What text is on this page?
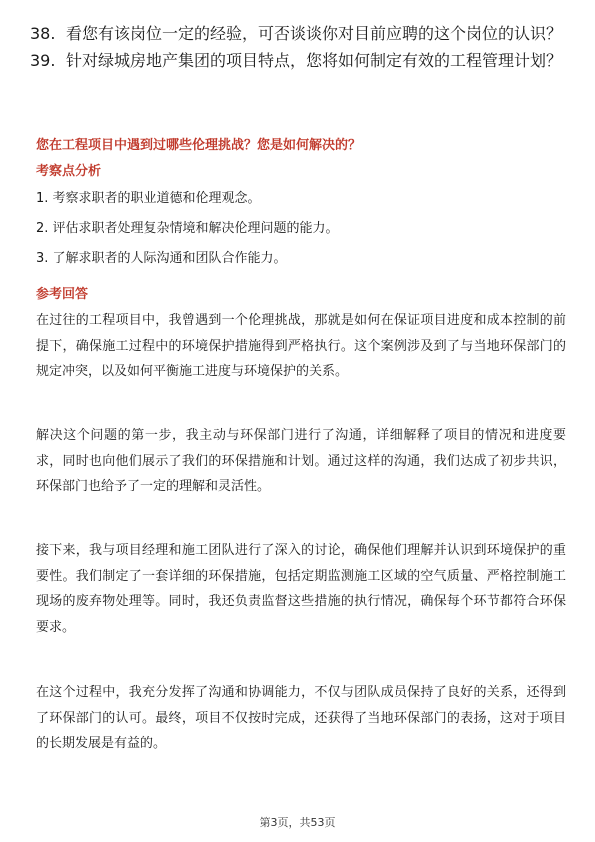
38. 看您有该岗位一定的经验，可否谈谈你对目前应聘的这个岗位的认识？
39. 针对绿城房地产集团的项目特点，您将如何制定有效的工程管理计划？
您在工程项目中遇到过哪些伦理挑战？您是如何解决的？
考察点分析
1. 考察求职者的职业道德和伦理观念。
2. 评估求职者处理复杂情境和解决伦理问题的能力。
3. 了解求职者的人际沟通和团队合作能力。
参考回答
在过往的工程项目中，我曾遇到一个伦理挑战，那就是如何在保证项目进度和成本控制的前提下，确保施工过程中的环境保护措施得到严格执行。这个案例涉及到了与当地环保部门的规定冲突，以及如何平衡施工进度与环境保护的关系。
解决这个问题的第一步，我主动与环保部门进行了沟通，详细解释了项目的情况和进度要求，同时也向他们展示了我们的环保措施和计划。通过这样的沟通，我们达成了初步共识，环保部门也给予了一定的理解和灵活性。
接下来，我与项目经理和施工团队进行了深入的讨论，确保他们理解并认识到环境保护的重要性。我们制定了一套详细的环保措施，包括定期监测施工区域的空气质量、严格控制施工现场的废弃物处理等。同时，我还负责监督这些措施的执行情况，确保每个环节都符合环保要求。
在这个过程中，我充分发挥了沟通和协调能力，不仅与团队成员保持了良好的关系，还得到了环保部门的认可。最终，项目不仅按时完成，还获得了当地环保部门的表扬，这对于项目的长期发展是有益的。
第3页，共53页
